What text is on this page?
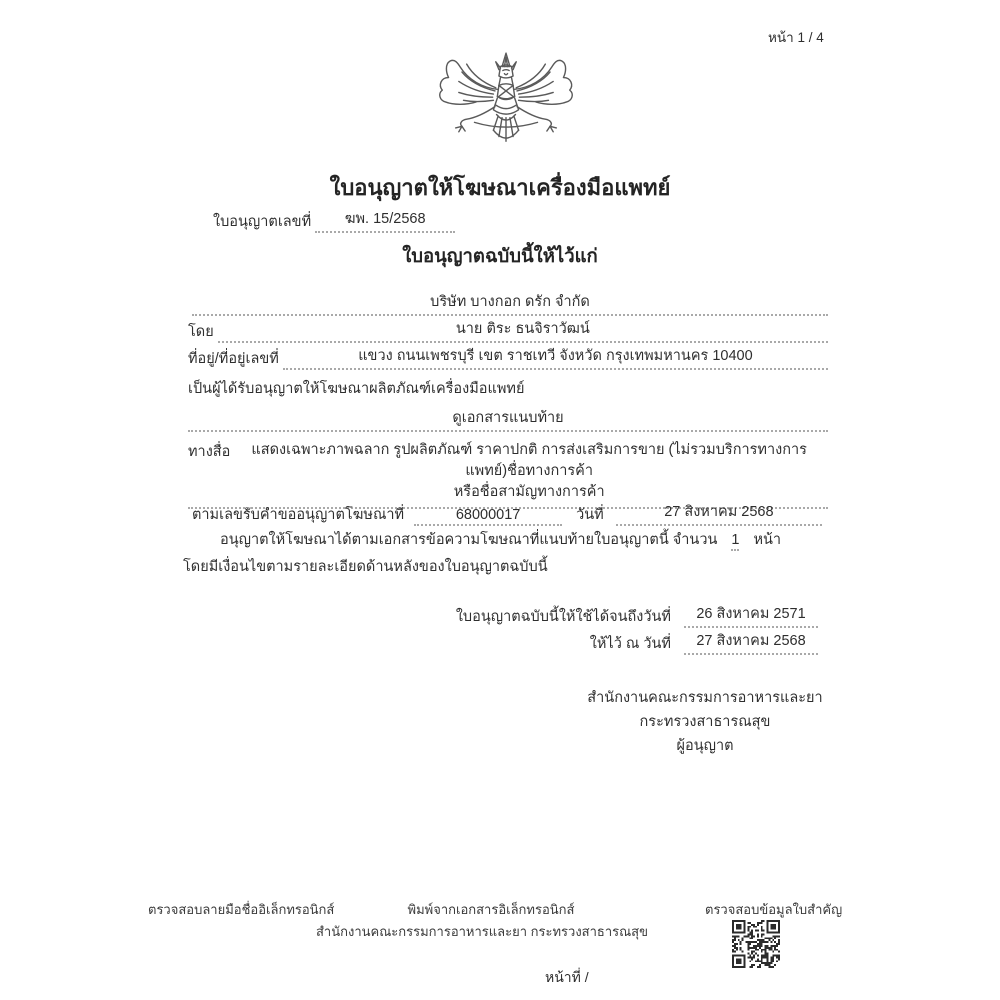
หน้า 1 / 4
ใบอนุญาตให้โฆษณาเครื่องมือแพทย์
ใบอนุญาตเลขที่	ฆพ. 15/2568
ใบอนุญาตฉบับนี้ให้ไว้แก่
บริษัท บางกอก ดรัก จำกัด
โดย	นาย ติระ ธนจิราวัฒน์
ที่อยู่/ที่อยู่เลขที่	แขวง ถนนเพชรบุรี เขต ราชเทวี จังหวัด กรุงเทพมหานคร 10400
เป็นผู้ได้รับอนุญาตให้โฆษณาผลิตภัณฑ์เครื่องมือแพทย์
ดูเอกสารแนบท้าย
ทางสื่อ	แสดงเฉพาะภาพฉลาก รูปผลิตภัณฑ์ ราคาปกติ การส่งเสริมการขาย (ไม่รวมบริการทางการแพทย์)ชื่อทางการค้า
หรือชื่อสามัญทางการค้า
ตามเลขรับคำขออนุญาตโฆษณาที่	68000017	วันที่	27 สิงหาคม 2568
อนุญาตให้โฆษณาได้ตามเอกสารข้อความโฆษณาที่แนบท้ายใบอนุญาตนี้ จำนวน 1 หน้า
โดยมีเงื่อนไขตามรายละเอียดด้านหลังของใบอนุญาตฉบับนี้
ใบอนุญาตฉบับนี้ให้ใช้ได้จนถึงวันที่	26 สิงหาคม 2571
ให้ไว้ ณ วันที่	27 สิงหาคม 2568
สำนักงานคณะกรรมการอาหารและยา
กระทรวงสาธารณสุข
ผู้อนุญาต
ตรวจสอบลายมือชื่ออิเล็กทรอนิกส์	พิมพ์จากเอกสารอิเล็กทรอนิกส์
สำนักงานคณะกรรมการอาหารและยา กระทรวงสาธารณสุข
ตรวจสอบข้อมูลใบสำคัญ
หน้าที่ /
